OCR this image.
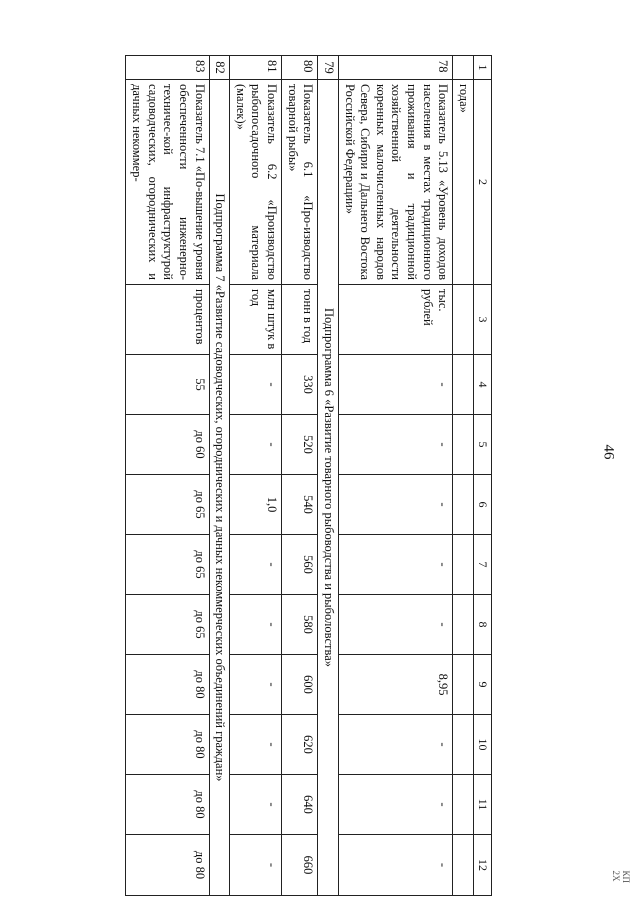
46
КП 2Х
1	2	3	4	5	6	7	8	9	10	11	12
	года»										
78	Показатель 5.13 «Уровень доходов населения в местах традиционного проживания и традиционной хозяйственной деятельности коренных малочисленных народов Севера, Сибири и Дальнего Востока Российской Федерации»	тыс. рублей	-	-	-	-	-	8,95	-	-	-
79	Подпрограмма 6 «Развитие товарного рыбоводства и рыболовства»										
80	Показатель 6.1 «Про-изводство товарной рыбы»	тонн в год	330	520	540	560	580	600	620	640	660
81	Показатель 6.2 «Производство рыбопосадочного материала (малек)»	млн штук в год	-	-	1,0	-	-	-	-	-	-
82	Подпрограмма 7 «Развитие садоводческих, огороднических и дачных некоммерческих объединений граждан»										
83	Показатель 7.1 «По-вышение уровня обеспеченности инженерно-техничес-кой инфраструктурой садоводческих, огороднических и дачных некоммер-	процентов	55	до 60	до 65	до 65	до 65	до 80	до 80	до 80	до 80
